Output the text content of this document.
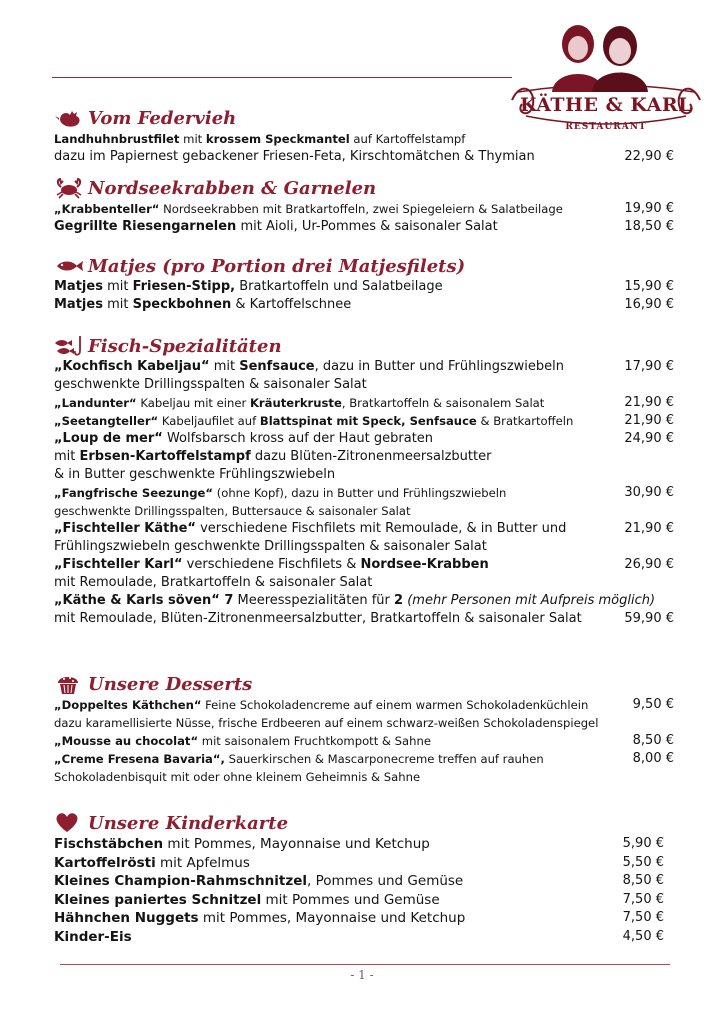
KÄTHE & KARL
RESTAURANT
Vom Federvieh
Landhuhnbrustfilet mit krossem Speckmantel auf Kartoffelstampf
dazu im Papiernest gebackener Friesen-Feta, Kirschtomätchen & Thymian	22,90 €
Nordseekrabben & Garnelen
„Krabbenteller“ Nordseekrabben mit Bratkartoffeln, zwei Spiegeleiern & Salatbeilage	19,90 €
Gegrillte Riesengarnelen mit Aioli, Ur-Pommes & saisonaler Salat	18,50 €
Matjes (pro Portion drei Matjesfilets)
Matjes mit Friesen-Stipp, Bratkartoffeln und Salatbeilage	15,90 €
Matjes mit Speckbohnen & Kartoffelschnee	16,90 €
Fisch-Spezialitäten
„Kochfisch Kabeljau“ mit Senfsauce, dazu in Butter und Frühlingszwiebeln	17,90 €
geschwenkte Drillingsspalten & saisonaler Salat
„Landunter“ Kabeljau mit einer Kräuterkruste, Bratkartoffeln & saisonalem Salat	21,90 €
„Seetangteller“ Kabeljaufilet auf Blattspinat mit Speck, Senfsauce & Bratkartoffeln	21,90 €
„Loup de mer“ Wolfsbarsch kross auf der Haut gebraten	24,90 €
mit Erbsen-Kartoffelstampf dazu Blüten-Zitronenmeersalzbutter
& in Butter geschwenkte Frühlingszwiebeln
„Fangfrische Seezunge“ (ohne Kopf), dazu in Butter und Frühlingszwiebeln	30,90 €
geschwenkte Drillingsspalten, Buttersauce & saisonaler Salat
„Fischteller Käthe“ verschiedene Fischfilets mit Remoulade, & in Butter und	21,90 €
Frühlingszwiebeln geschwenkte Drillingsspalten & saisonaler Salat
„Fischteller Karl“ verschiedene Fischfilets & Nordsee-Krabben	26,90 €
mit Remoulade, Bratkartoffeln & saisonaler Salat
„Käthe & Karls söven“ 7 Meeresspezialitäten für 2 (mehr Personen mit Aufpreis möglich)
mit Remoulade, Blüten-Zitronenmeersalzbutter, Bratkartoffeln & saisonaler Salat	59,90 €
Unsere Desserts
„Doppeltes Käthchen“ Feine Schokoladencreme auf einem warmen Schokoladenküchlein	9,50 €
dazu karamellisierte Nüsse, frische Erdbeeren auf einem schwarz-weißen Schokoladenspiegel
„Mousse au chocolat“ mit saisonalem Fruchtkompott & Sahne	8,50 €
„Creme Fresena Bavaria“, Sauerkirschen & Mascarponecreme treffen auf rauhen	8,00 €
Schokoladenbisquit mit oder ohne kleinem Geheimnis & Sahne
Unsere Kinderkarte
Fischstäbchen mit Pommes, Mayonnaise und Ketchup	5,90 €
Kartoffelrösti mit Apfelmus	5,50 €
Kleines Champion-Rahmschnitzel, Pommes und Gemüse	8,50 €
Kleines paniertes Schnitzel mit Pommes und Gemüse	7,50 €
Hähnchen Nuggets mit Pommes, Mayonnaise und Ketchup	7,50 €
Kinder-Eis	4,50 €
- 1 -
